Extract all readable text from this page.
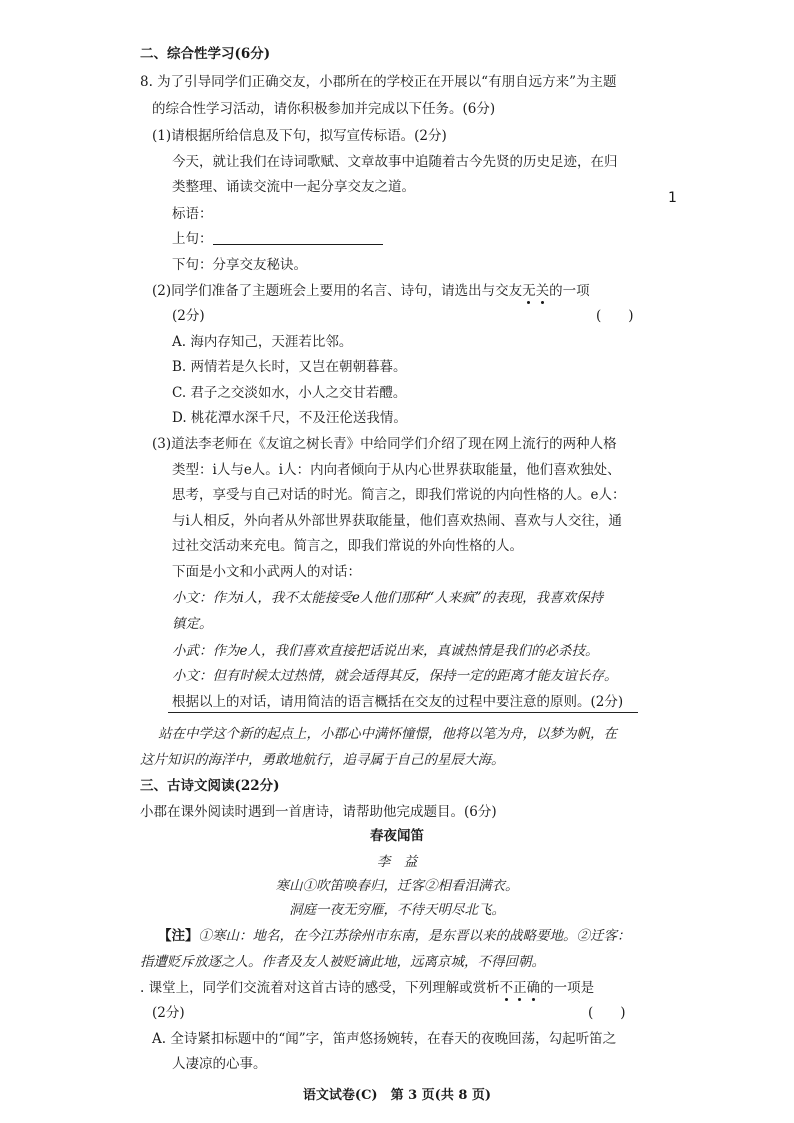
1
二、综合性学习(6分)
8. 为了引导同学们正确交友，小郡所在的学校正在开展以“有朋自远方来”为主题
的综合性学习活动，请你积极参加并完成以下任务。(6分)
(1)请根据所给信息及下句，拟写宣传标语。(2分)
今天，就让我们在诗词歌赋、文章故事中追随着古今先贤的历史足迹，在归
类整理、诵读交流中一起分享交友之道。
标语：
上句：
下句：分享交友秘诀。
(2)同学们准备了主题班会上要用的名言、诗句，请选出与交友无关的一项
(2分)	(　　)
A. 海内存知己，天涯若比邻。
B. 两情若是久长时，又岂在朝朝暮暮。
C. 君子之交淡如水，小人之交甘若醴。
D. 桃花潭水深千尺，不及汪伦送我情。
(3)道法李老师在《友谊之树长青》中给同学们介绍了现在网上流行的两种人格
类型：i人与e人。i人：内向者倾向于从内心世界获取能量，他们喜欢独处、
思考，享受与自己对话的时光。简言之，即我们常说的内向性格的人。e人：
与i人相反，外向者从外部世界获取能量，他们喜欢热闹、喜欢与人交往，通
过社交活动来充电。简言之，即我们常说的外向性格的人。
下面是小文和小武两人的对话：
小文：作为i人，我不太能接受e人他们那种“人来疯”的表现，我喜欢保持
镇定。
小武：作为e人，我们喜欢直接把话说出来，真诚热情是我们的必杀技。
小文：但有时候太过热情，就会适得其反，保持一定的距离才能友谊长存。
根据以上的对话，请用简洁的语言概括在交友的过程中要注意的原则。(2分)
站在中学这个新的起点上，小郡心中满怀憧憬，他将以笔为舟，以梦为帆，在
这片知识的海洋中，勇敢地航行，追寻属于自己的星辰大海。
三、古诗文阅读(22分)
小郡在课外阅读时遇到一首唐诗，请帮助他完成题目。(6分)
春夜闻笛
李　益
寒山①吹笛唤春归，迁客②相看泪满衣。
洞庭一夜无穷雁，不待天明尽北飞。
【注】①寒山：地名，在今江苏徐州市东南，是东晋以来的战略要地。②迁客：
指遭贬斥放逐之人。作者及友人被贬谪此地，远离京城，不得回朝。
. 课堂上，同学们交流着对这首古诗的感受，下列理解或赏析不正确的一项是
(2分)	(　　)
A. 全诗紧扣标题中的“闻”字，笛声悠扬婉转，在春天的夜晚回荡，勾起听笛之
人凄凉的心事。
语文试卷(C)　第 3 页(共 8 页)
